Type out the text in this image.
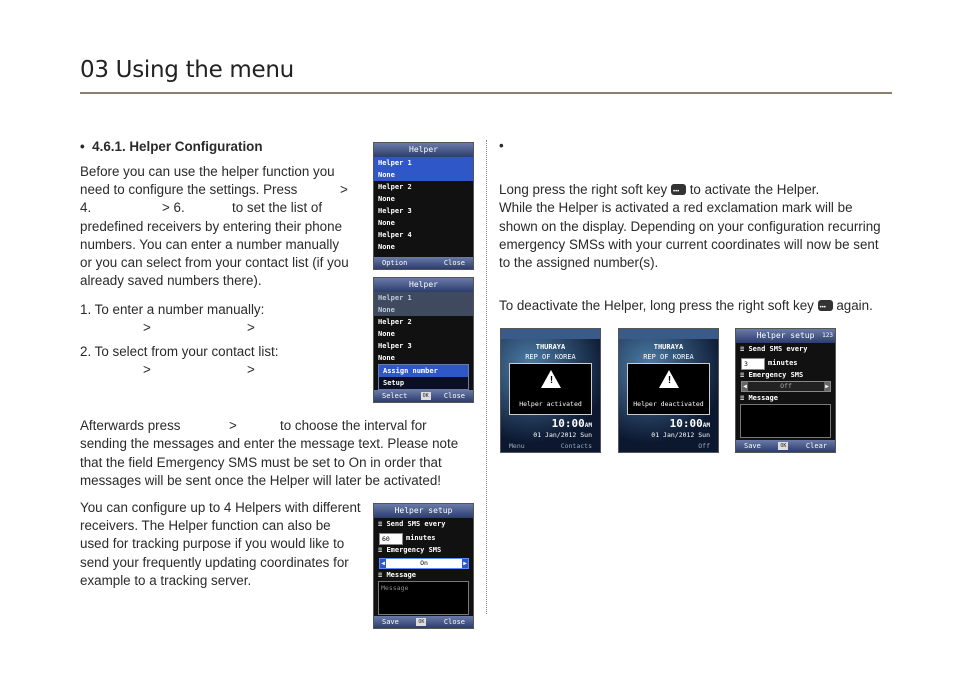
03 Using the menu
• 4.6.1. Helper Configuration
Before you can use the helper function you
need to configure the settings. Press	>
4.	> 6.	to set the list of
predefined receivers by entering their phone
numbers. You can enter a number manually
or you can select from your contact list (if you
already saved numbers there).
1. To enter a number manually:
>	>
2. To select from your contact list:
>	>
Afterwards press	>	to choose the interval for
sending the messages and enter the message text. Please note
that the field Emergency SMS must be set to On in order that
messages will be sent once the Helper will later be activated!
You can configure up to 4 Helpers with different
receivers. The Helper function can also be
used for tracking purpose if you would like to
send your frequently updating coordinates for
example to a tracking server.
Helper
Helper 1
None
Helper 2
None
Helper 3
None
Helper 4
None
Option	Close
Helper
Helper 1
None
Helper 2
None
Helper 3
None
Assign number
Setup
Select	OK Close
Helper setup
≡ Send SMS every
60	minutes
≡ Emergency SMS
◀	On	▶
≡ Message
Message
Save	OK	Close
•
Long press the right soft key ••• to activate the Helper.
While the Helper is activated a red exclamation mark will be
shown on the display. Depending on your configuration recurring
emergency SMSs with your current coordinates will now be sent
to the assigned number(s).
To deactivate the Helper, long press the right soft key ••• again.
THURAYA
REP OF KOREA
!
Helper activated
10:00AM
01 Jan/2012 Sun
Menu	Contacts
THURAYA
REP OF KOREA
!
Helper deactivated
10:00AM
01 Jan/2012 Sun
Off
Helper setup 123
≡ Send SMS every
3	minutes
≡ Emergency SMS
◀	Off	▶
≡ Message
Save	OK	Clear
